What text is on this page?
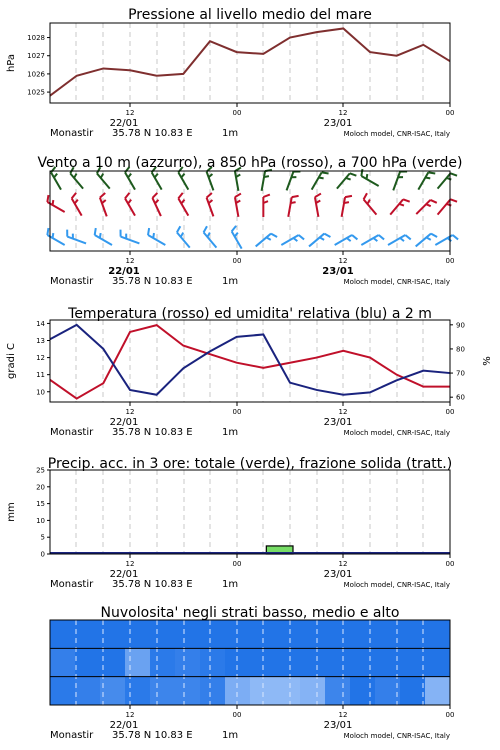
1025
1026
1027
1028
hPa
Pressione al livello medio del mare
12	00	12	00
22/01	23/01
Monastir 35.78 N 10.83 E	1m	Moloch model, CNR-ISAC, Italy
Vento a 10 m (azzurro), a 850 hPa (rosso), a 700 hPa (verde)
12	00	12	00
22/01	23/01
Monastir 35.78 N 10.83 E	1m	Moloch model, CNR-ISAC, Italy
10
11
12
13
14
gradi C
60
70
80
90
%
Temperatura (rosso) ed umidita' relativa (blu) a 2 m
12	00	12	00
22/01	23/01
Monastir 35.78 N 10.83 E	1m	Moloch model, CNR-ISAC, Italy
0
5
10
15
20
25
mm
Precip. acc. in 3 ore: totale (verde), frazione solida (tratt.)
12	00	12	00
22/01	23/01
Monastir 35.78 N 10.83 E	1m	Moloch model, CNR-ISAC, Italy
Nuvolosita' negli strati basso, medio e alto
12	00	12	00
22/01	23/01
Monastir 35.78 N 10.83 E	1m	Moloch model, CNR-ISAC, Italy
